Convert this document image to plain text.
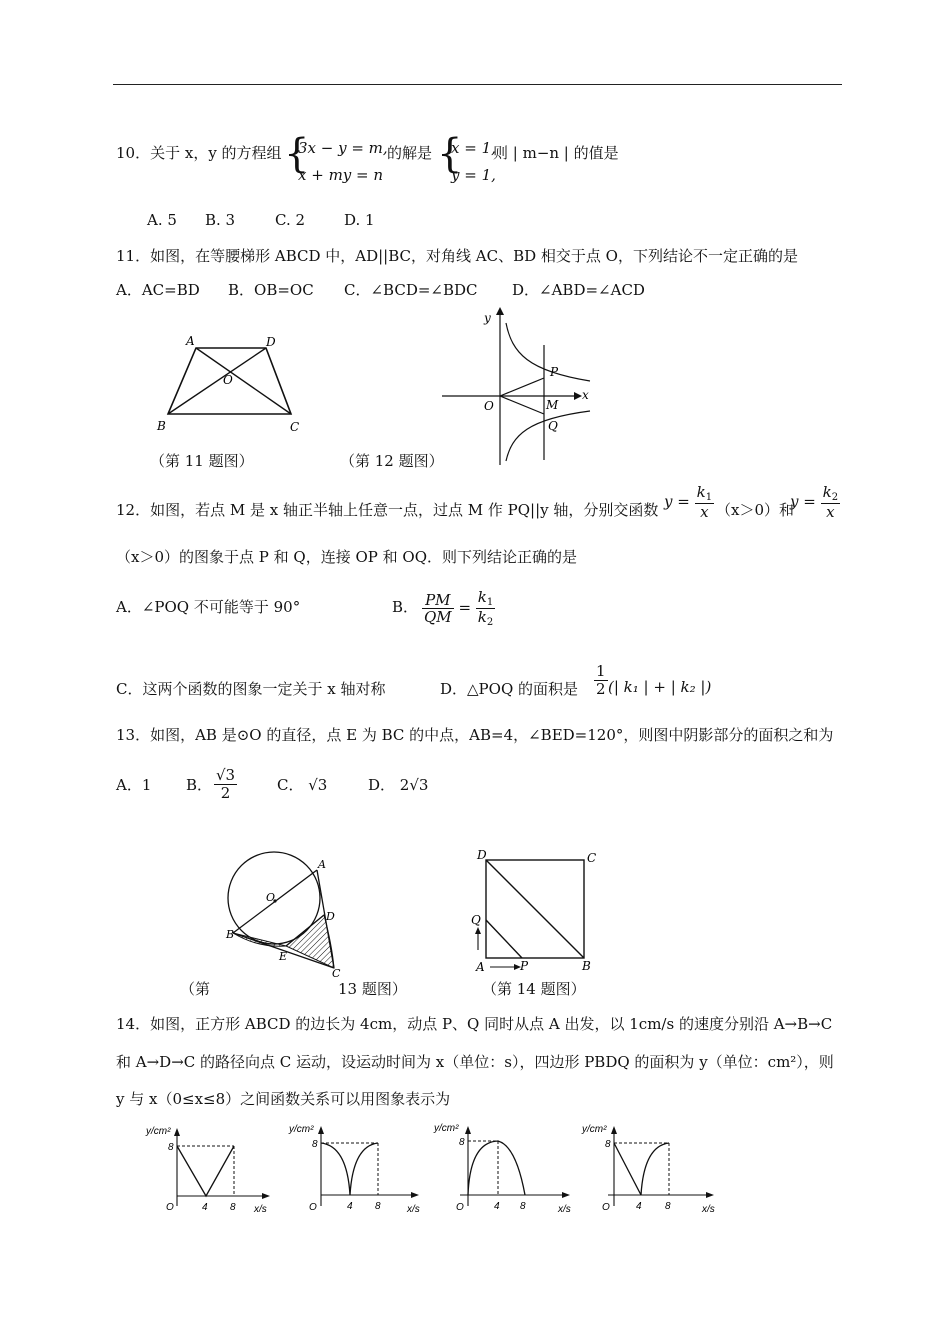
10．关于 x，y 的方程组 {
3x − y = m,
x + my = n
的解是 {
x = 1,
y = 1,
则 | m−n | 的值是
A. 5 B. 3	C. 2	D. 1
11．如图，在等腰梯形 ABCD 中，AD||BC，对角线 AC、BD 相交于点 O，下列结论不一定正确的是
A．AC=BD B．OB=OC C．∠BCD=∠BDC D．∠ABD=∠ACD
A	D
O
B	C
（第 11 题图）
y
x
O
P
M
Q
（第 12 题图）
12．如图，若点 M 是 x 轴正半轴上任意一点，过点 M 作 PQ||y 轴，分别交函数 $y = \frac{k_1}{x} (x>0)$和
$y = \frac{k_2}{x}$
（x＞0）的图象于点 P 和 Q，连接 OP 和 OQ．则下列结论正确的是
A．∠POQ 不可能等于 90°	B． $\frac{PM}{QM} = \frac{k_1}{k_2}$
C．这两个函数的图象一定关于 x 轴对称	D．△POQ 的面积是 $\frac{1}{2}$ (| k₁ | + | k₂ |)
13．如图，AB 是⊙O 的直径，点 E 为 BC 的中点，AB=4，∠BED=120°，则图中阴影部分的面积之和为
A．1 B． $\frac{√3}{2}$	C． √3	D． 2√3
A
O
D
B
E
C
（第	13 题图）
D	C
Q
A	P	B
（第 14 题图）
14．如图，正方形 ABCD 的边长为 4cm，动点 P、Q 同时从点 A 出发，以 1cm/s 的速度分别沿 A→B→C
和 A→D→C 的路径向点 C 运动，设运动时间为 x（单位：s），四边形 PBDQ 的面积为 y（单位：cm²），则
y 与 x（0≤x≤8）之间函数关系可以用图象表示为
y/cm²
8
O	4 8 x/s
y/cm²
8
O	4 8	x/s
y/cm²
8
O	4 8	x/s
y/cm²
8
O	4 8	x/s
